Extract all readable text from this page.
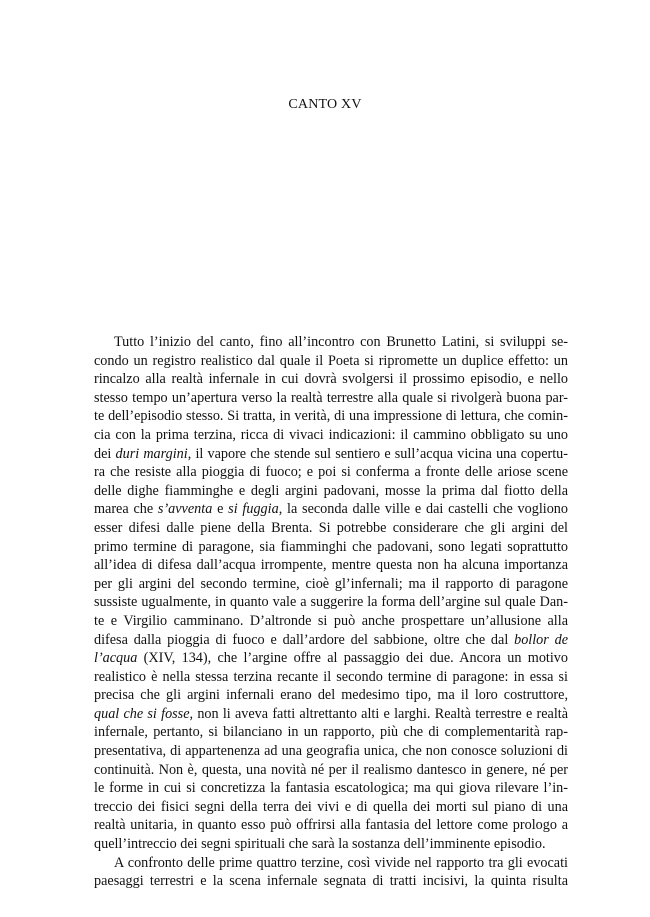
CANTO XV
Tutto l’inizio del canto, fino all’incontro con Brunetto Latini, si sviluppi se-
condo un registro realistico dal quale il Poeta si ripromette un duplice effetto: un
rincalzo alla realtà infernale in cui dovrà svolgersi il prossimo episodio, e nello
stesso tempo un’apertura verso la realtà terrestre alla quale si rivolgerà buona par-
te dell’episodio stesso. Si tratta, in verità, di una impressione di lettura, che comin-
cia con la prima terzina, ricca di vivaci indicazioni: il cammino obbligato su uno
dei duri margini, il vapore che stende sul sentiero e sull’acqua vicina una copertu-
ra che resiste alla pioggia di fuoco; e poi si conferma a fronte delle ariose scene
delle dighe fiamminghe e degli argini padovani, mosse la prima dal fiotto della
marea che s’avventa e si fuggia, la seconda dalle ville e dai castelli che vogliono
esser difesi dalle piene della Brenta. Si potrebbe considerare che gli argini del
primo termine di paragone, sia fiamminghi che padovani, sono legati soprattutto
all’idea di difesa dall’acqua irrompente, mentre questa non ha alcuna importanza
per gli argini del secondo termine, cioè gl’infernali; ma il rapporto di paragone
sussiste ugualmente, in quanto vale a suggerire la forma dell’argine sul quale Dan-
te e Virgilio camminano. D’altronde si può anche prospettare un’allusione alla
difesa dalla pioggia di fuoco e dall’ardore del sabbione, oltre che dal bollor de
l’acqua (XIV, 134), che l’argine offre al passaggio dei due. Ancora un motivo
realistico è nella stessa terzina recante il secondo termine di paragone: in essa si
precisa che gli argini infernali erano del medesimo tipo, ma il loro costruttore,
qual che si fosse, non li aveva fatti altrettanto alti e larghi. Realtà terrestre e realtà
infernale, pertanto, si bilanciano in un rapporto, più che di complementarità rap-
presentativa, di appartenenza ad una geografia unica, che non conosce soluzioni di
continuità. Non è, questa, una novità né per il realismo dantesco in genere, né per
le forme in cui si concretizza la fantasia escatologica; ma qui giova rilevare l’in-
treccio dei fisici segni della terra dei vivi e di quella dei morti sul piano di una
realtà unitaria, in quanto esso può offrirsi alla fantasia del lettore come prologo a
quell’intreccio dei segni spirituali che sarà la sostanza dell’imminente episodio.
A confronto delle prime quattro terzine, così vivide nel rapporto tra gli evocati
paesaggi terrestri e la scena infernale segnata di tratti incisivi, la quinta risulta
